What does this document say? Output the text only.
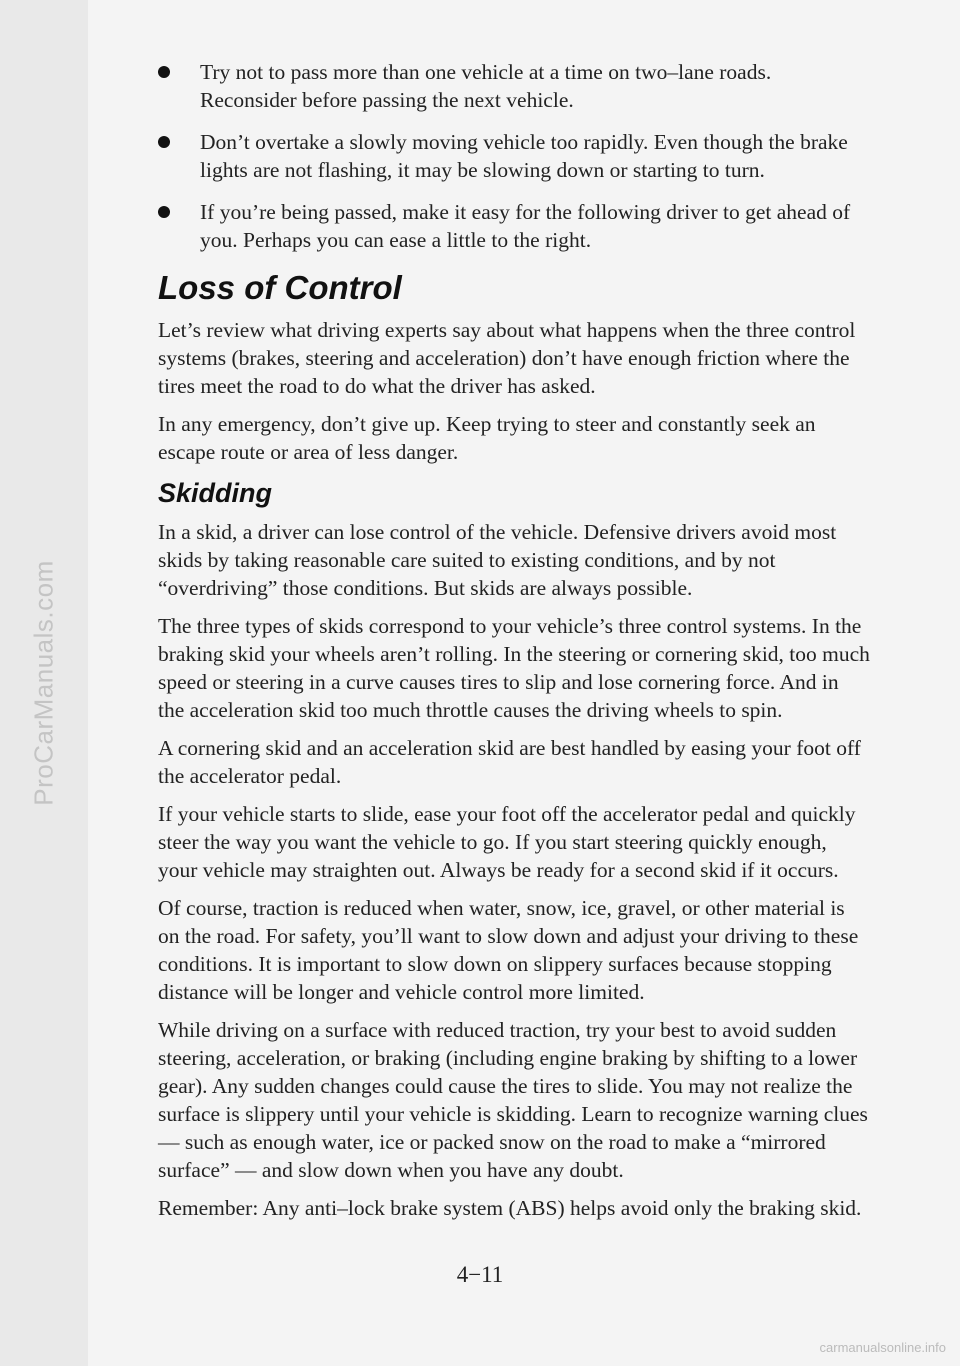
ProCarManuals.com
Try not to pass more than one vehicle at a time on two–lane roads. Reconsider before passing the next vehicle.
Don’t overtake a slowly moving vehicle too rapidly. Even though the brake lights are not flashing, it may be slowing down or starting to turn.
If you’re being passed, make it easy for the following driver to get ahead of you. Perhaps you can ease a little to the right.
Loss of Control

Let’s review what driving experts say about what happens when the three control systems (brakes, steering and acceleration) don’t have enough friction where the tires meet the road to do what the driver has asked.

In any emergency, don’t give up. Keep trying to steer and constantly seek an escape route or area of less danger.

Skidding

In a skid, a driver can lose control of the vehicle. Defensive drivers avoid most skids by taking reasonable care suited to existing conditions, and by not “overdriving” those conditions. But skids are always possible.

The three types of skids correspond to your vehicle’s three control systems. In the braking skid your wheels aren’t rolling. In the steering or cornering skid, too much speed or steering in a curve causes tires to slip and lose cornering force. And in the acceleration skid too much throttle causes the driving wheels to spin.

A cornering skid and an acceleration skid are best handled by easing your foot off the accelerator pedal.

If your vehicle starts to slide, ease your foot off the accelerator pedal and quickly steer the way you want the vehicle to go. If you start steering quickly enough, your vehicle may straighten out. Always be ready for a second skid if it occurs.

Of course, traction is reduced when water, snow, ice, gravel, or other material is on the road. For safety, you’ll want to slow down and adjust your driving to these conditions. It is important to slow down on slippery surfaces because stopping distance will be longer and vehicle control more limited.

While driving on a surface with reduced traction, try your best to avoid sudden steering, acceleration, or braking (including engine braking by shifting to a lower gear). Any sudden changes could cause the tires to slide. You may not realize the surface is slippery until your vehicle is skidding. Learn to recognize warning clues — such as enough water, ice or packed snow on the road to make a “mirrored surface” — and slow down when you have any doubt.

Remember: Any anti–lock brake system (ABS) helps avoid only the braking skid.

4−11
carmanualsonline.info
